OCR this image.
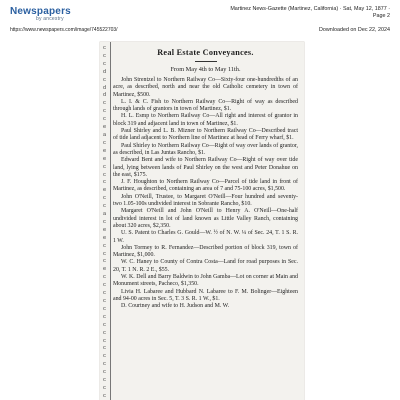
Newspapers
by ancestry
https://www.newspapers.com/image/745522703/
Martinez News-Gazette (Martinez, California) · Sat, May 12, 1877 · Page 2
Downloaded on Dec 22, 2024
c
c
c
d
c
d
d
c
c
c
e
a
c
e
e
c
c
c
e
c
c
a
c
e
e
c
c
c
e
c
c
c
c
c
c
c
c
c
c
c
c
c
c
c
c
Real Estate Conveyances.
From May 4th to May 11th.

John Strentzel to Northern Railway Co—Sixty-four one-hundredths of an acre, as described, north and near the old Catholic cemetery in town of Martinez, $500.

L. I. & C. Fish to Northern Railway Co—Right of way as described through lands of grantors in town of Martinez, $1.

H. L. Esmp to Northern Railway Co—All right and interest of grantor in block 319 and adjacent land in town of Martinez, $1.

Paul Shirley and L. B. Mizner to Northern Railway Co—Described tract of tide land adjacent to Northern line of Martinez at head of Ferry wharf, $1.

Paul Shirley to Northern Railway Co—Right of way over lands of grantor, as described, in Las Juntas Rancho, $1.

Edward Bent and wife to Northern Railway Co—Right of way over tide land, lying between lands of Paul Shirley on the west and Peter Donahue on the east, $175.

J. F. Houghton to Northern Railway Co—Parcel of tide land in front of Martinez, as described, containing an area of 7 and 75-100 acres, $1,500.

John O'Neill, Trustee, to Margaret O'Neill—Four hundred and seventy-two 1.05-100s undivided interest in Sobrante Rancho, $10.

Margaret O'Neill and John O'Neill to Henry A. O'Neill—One-half undivided interest in lot of land known as Little Valley Ranch, containing about 320 acres, $2,350.

U. S. Patent to Charles G. Gould—W. ½ of N. W. ¼ of Sec. 24, T. 1 S. R. 1 W.

John Tormey to R. Fernandez—Described portion of block 319, town of Martinez, $1,000.

W. C. Haney to County of Contra Costa—Land for road purposes in Sec. 20, T. 1 N. R. 2 E., $55.

W. K. Dell and Barry Baldwin to John Gamba—Lot on corner at Main and Monument streets, Pacheco, $1,350.

Livia H. Labaree and Hubbard N. Labaree to F. M. Bolinger—Eighteen and 94-00 acres in Sec. 5, T. 3 S. R. 1 W., $1.

D. Courtney and wife to H. Judson and M. W.
